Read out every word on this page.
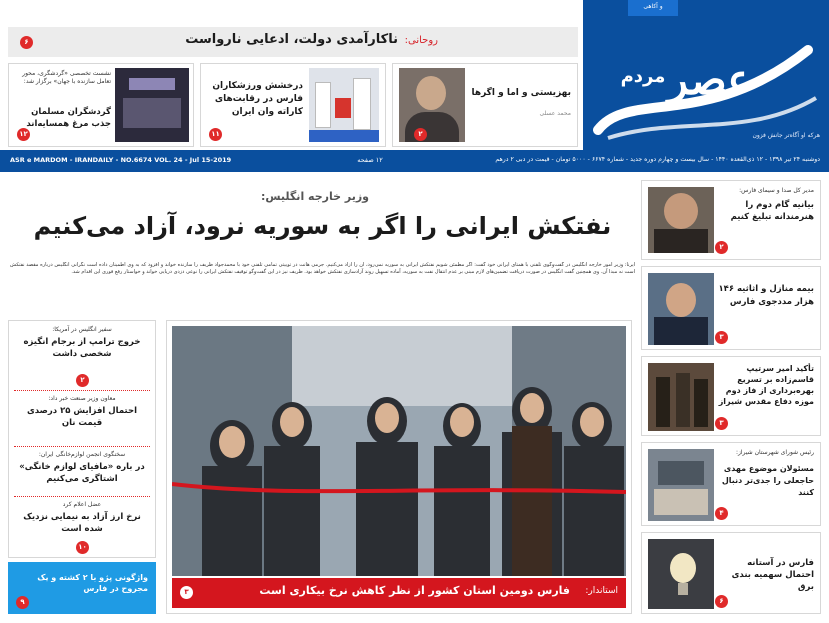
و آکاهی
عصر
مردم
هرکه او آگاه‌تر جانش فزون
دوشنبه ۲۴ تیر ۱۳۹۸ - ۱۲ ذی‌القعده ۱۴۴۰ - سال بیست و چهارم دوره جدید - شماره ۶۶۷۴ - ۵۰۰۰ تومان - قیمت در دبی ۲ درهم
۱۲ صفحه
ASR e MARDOM - IRANDAILY - NO.6674 VOL. 24 - Jul 15-2019
روحانی:
ناکارآمدی دولت، ادعایی نارواست
۶
بهزیستی و اما و اگرها
محمد عسلی
۲
درخشش ورزشکاران فارس در رقابت‌های کاراته وان ایران
۱۱
نشست تخصصی «گردشگری، محور تعامل سازنده با جهان» برگزار شد:
گردشگران مسلمان جذب مرغ همسایه‌اند
۱۲
وزیر خارجه انگلیس:
نفتکش ایرانی را اگر به سوریه نرود، آزاد می‌کنیم
ایرنا: وزیر امور خارجه انگلیس در گفت‌وگوی تلفنی با همتای ایرانی خود گفت: اگر مطمئن شویم نفتکش ایرانی به سوریه نمی‌رود، آن را آزاد می‌کنیم. جرمی هانت در توییتی تمامی تلفنی خود با محمدجواد ظریف را سازنده خواند و افزود که به وی اطمینان داده است نگرانی انگلیس درباره مقصد نفتکش است نه مبدا آن. وی همچنین گفت انگلیس در صورت دریافت تضمین‌های لازم مبنی بر عدم انتقال نفت به سوریه، آماده تسهیل روند آزادسازی نفتکش خواهد بود. ظریف نیز در این گفت‌وگو توقیف نفتکش ایرانی را نوعی دزدی دریایی خواند و خواستار رفع فوری این اقدام شد.
سفیر انگلیس در آمریکا:
خروج ترامپ از برجام انگیزه شخصی داشت
۲
معاون وزیر صنعت خبر داد:
احتمال افزایش ۲۵ درصدی قیمت نان
سخنگوی انجمن لوازم‌خانگی ایران:
در باره «مافیای لوازم خانگی» اشتاگری می‌کنیم
عضل اعلام کرد
نرخ ارز آزاد به نیمایی نزدیک شده است
۱۰
واژگونی پژو با ۲ کشته و یک مجروح در فارس
۹
استاندار:
فارس دومین استان کشور از نظر کاهش نرخ بیکاری است
۳
مدیر کل صدا و سیمای فارس:
بیانیه گام دوم را هنرمندانه تبلیغ کنیم
۲
بیمه منازل و اثاثیه ۱۴۶ هزار مددجوی فارس
۳
تأکید امیر سرتیپ قاسم‌زاده بر تسریع بهره‌برداری از فاز دوم موزه دفاع مقدس شیراز
۳
رئیس شورای شهرستان شیراز:
مسئولان موضوع مهدی حاجعلی را جدی‌تر دنبال کنند
۴
فارس در آستانه احتمال سهمیه بندی برق
۶
